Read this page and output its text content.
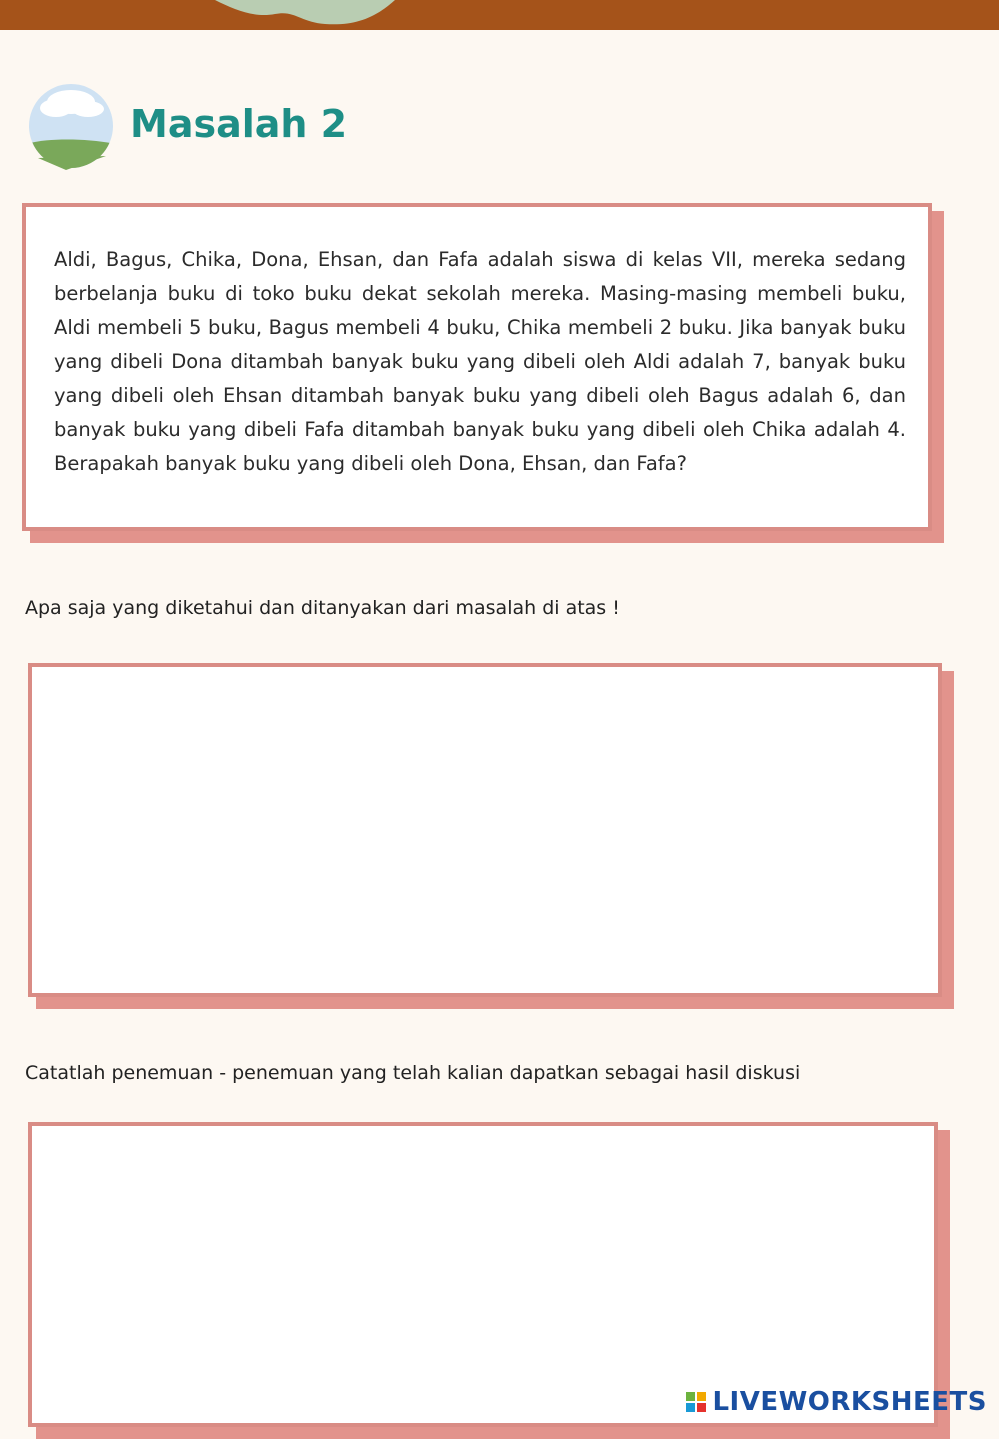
Masalah 2

Aldi, Bagus, Chika, Dona, Ehsan, dan Fafa adalah siswa di kelas VII, mereka sedang berbelanja buku di toko buku dekat sekolah mereka. Masing-masing membeli buku, Aldi membeli 5 buku, Bagus membeli 4 buku, Chika membeli 2 buku. Jika banyak buku yang dibeli Dona ditambah banyak buku yang dibeli oleh Aldi adalah 7, banyak buku yang dibeli oleh Ehsan ditambah banyak buku yang dibeli oleh Bagus adalah 6, dan banyak buku yang dibeli Fafa ditambah banyak buku yang dibeli oleh Chika adalah 4. Berapakah banyak buku yang dibeli oleh Dona, Ehsan, dan Fafa?

Apa saja yang diketahui dan ditanyakan dari masalah di atas !

Catatlah penemuan - penemuan yang telah kalian dapatkan sebagai hasil diskusi

LIVEWORKSHEETS
